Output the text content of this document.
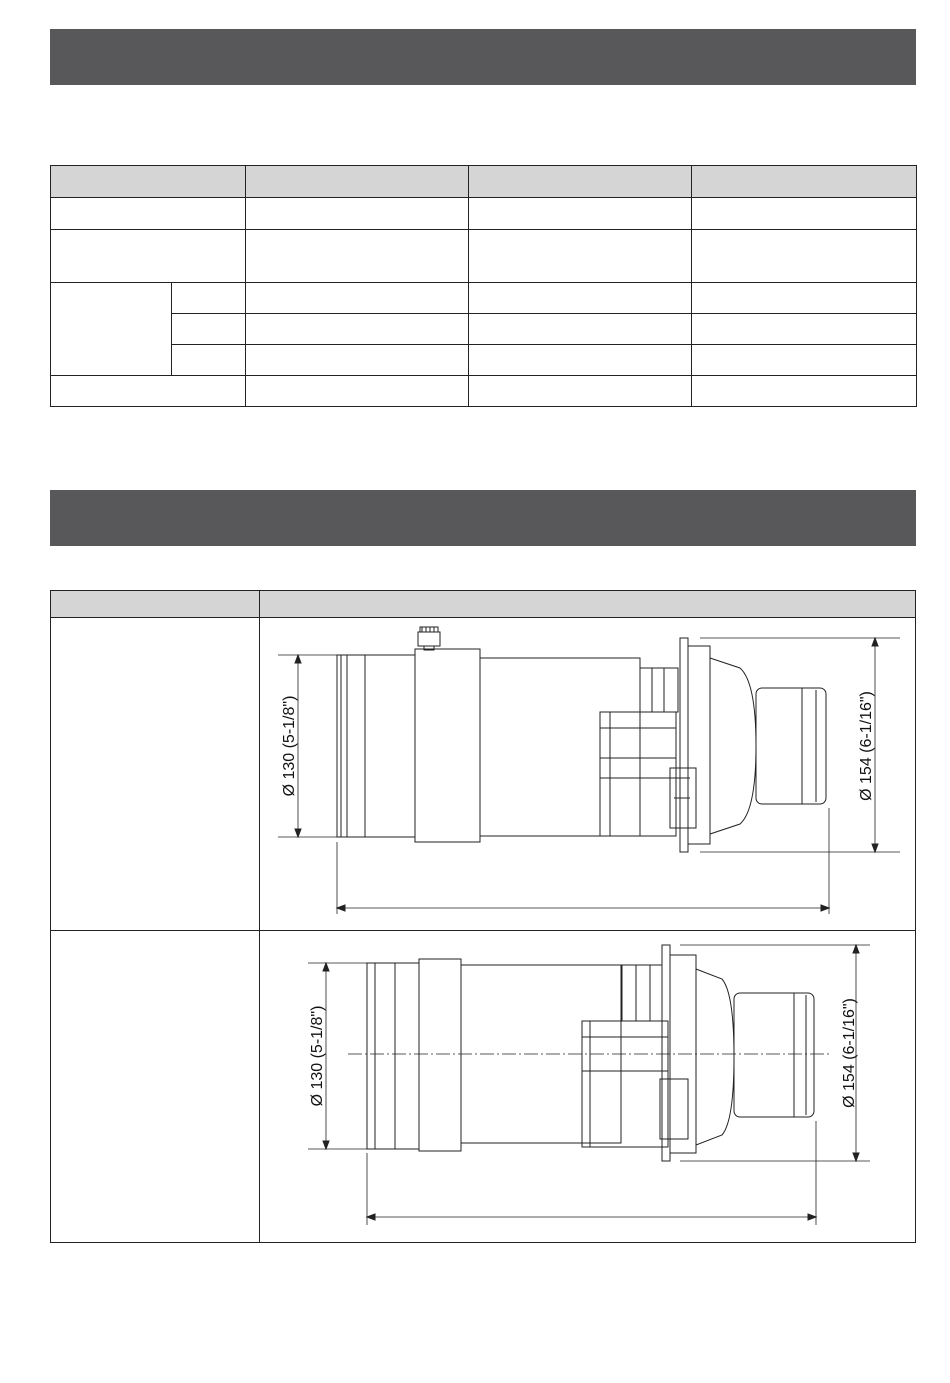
Ø 130 (5-1/8")	Ø 154 (6-1/16")
Ø 130 (5-1/8")	Ø 154 (6-1/16")
